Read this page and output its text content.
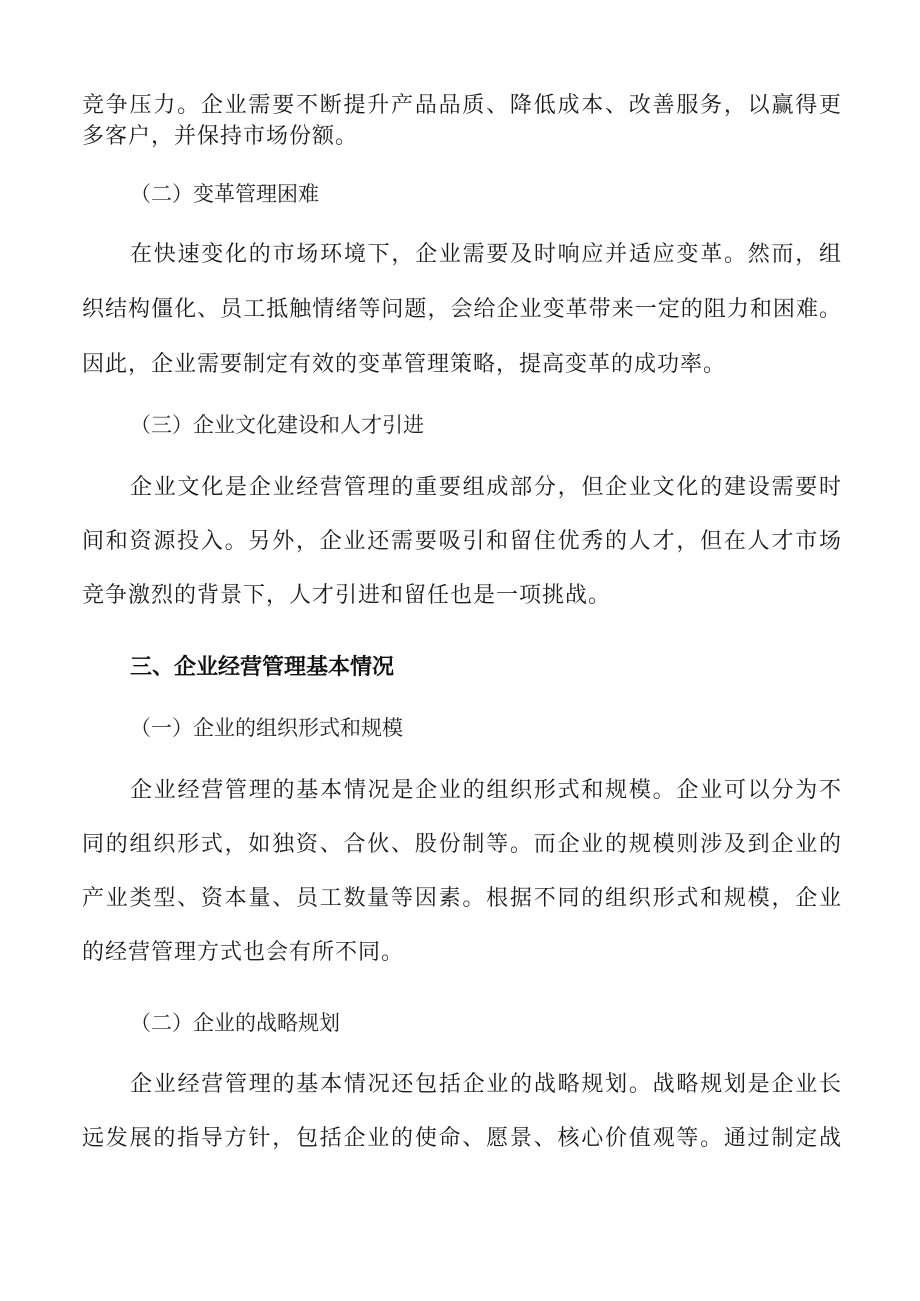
竞争压力。企业需要不断提升产品品质、降低成本、改善服务，以赢得更
多客户，并保持市场份额。
（二）变革管理困难
在快速变化的市场环境下，企业需要及时响应并适应变革。然而，组
织结构僵化、员工抵触情绪等问题，会给企业变革带来一定的阻力和困难。
因此，企业需要制定有效的变革管理策略，提高变革的成功率。
（三）企业文化建设和人才引进
企业文化是企业经营管理的重要组成部分，但企业文化的建设需要时
间和资源投入。另外，企业还需要吸引和留住优秀的人才，但在人才市场
竞争激烈的背景下，人才引进和留任也是一项挑战。
三、企业经营管理基本情况
（一）企业的组织形式和规模
企业经营管理的基本情况是企业的组织形式和规模。企业可以分为不
同的组织形式，如独资、合伙、股份制等。而企业的规模则涉及到企业的
产业类型、资本量、员工数量等因素。根据不同的组织形式和规模，企业
的经营管理方式也会有所不同。
（二）企业的战略规划
企业经营管理的基本情况还包括企业的战略规划。战略规划是企业长
远发展的指导方针，包括企业的使命、愿景、核心价值观等。通过制定战
